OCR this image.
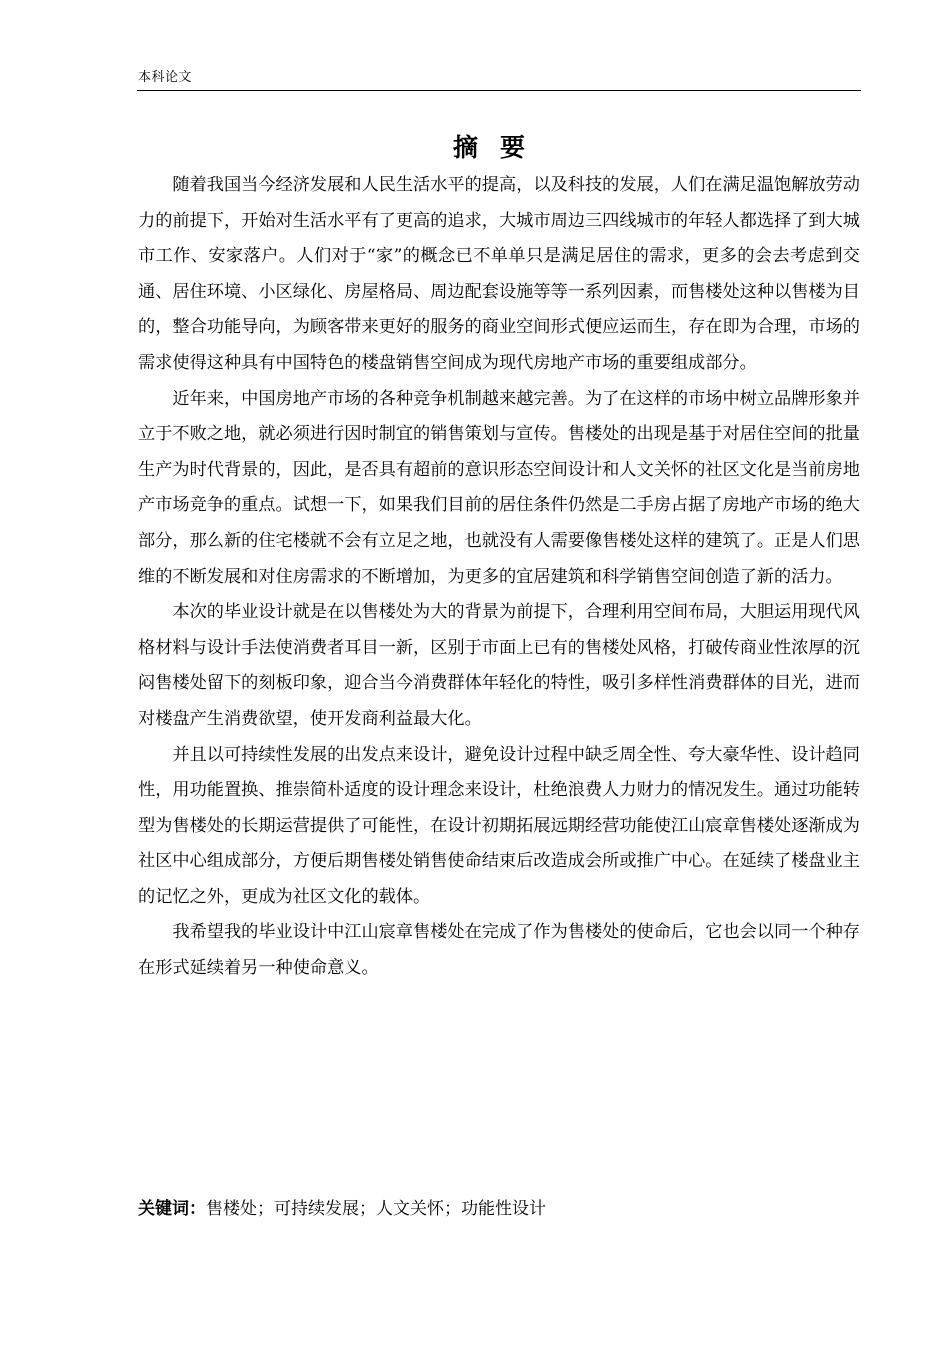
本科论文
摘要

随着我国当今经济发展和人民生活水平的提高，以及科技的发展，人们在满足温饱解放劳动力的前提下，开始对生活水平有了更高的追求，大城市周边三四线城市的年轻人都选择了到大城市工作、安家落户。人们对于“家”的概念已不单单只是满足居住的需求，更多的会去考虑到交通、居住环境、小区绿化、房屋格局、周边配套设施等等一系列因素，而售楼处这种以售楼为目的，整合功能导向，为顾客带来更好的服务的商业空间形式便应运而生，存在即为合理，市场的需求使得这种具有中国特色的楼盘销售空间成为现代房地产市场的重要组成部分。

近年来，中国房地产市场的各种竞争机制越来越完善。为了在这样的市场中树立品牌形象并立于不败之地，就必须进行因时制宜的销售策划与宣传。售楼处的出现是基于对居住空间的批量生产为时代背景的，因此，是否具有超前的意识形态空间设计和人文关怀的社区文化是当前房地产市场竞争的重点。试想一下，如果我们目前的居住条件仍然是二手房占据了房地产市场的绝大部分，那么新的住宅楼就不会有立足之地，也就没有人需要像售楼处这样的建筑了。正是人们思维的不断发展和对住房需求的不断增加，为更多的宜居建筑和科学销售空间创造了新的活力。

本次的毕业设计就是在以售楼处为大的背景为前提下，合理利用空间布局，大胆运用现代风格材料与设计手法使消费者耳目一新，区别于市面上已有的售楼处风格，打破传商业性浓厚的沉闷售楼处留下的刻板印象，迎合当今消费群体年轻化的特性，吸引多样性消费群体的目光，进而对楼盘产生消费欲望，使开发商利益最大化。

并且以可持续性发展的出发点来设计，避免设计过程中缺乏周全性、夸大豪华性、设计趋同性，用功能置换、推崇简朴适度的设计理念来设计，杜绝浪费人力财力的情况发生。通过功能转型为售楼处的长期运营提供了可能性，在设计初期拓展远期经营功能使江山宸章售楼处逐渐成为社区中心组成部分，方便后期售楼处销售使命结束后改造成会所或推广中心。在延续了楼盘业主的记忆之外，更成为社区文化的载体。

我希望我的毕业设计中江山宸章售楼处在完成了作为售楼处的使命后，它也会以同一个种存在形式延续着另一种使命意义。

关键词：售楼处；可持续发展；人文关怀；功能性设计
